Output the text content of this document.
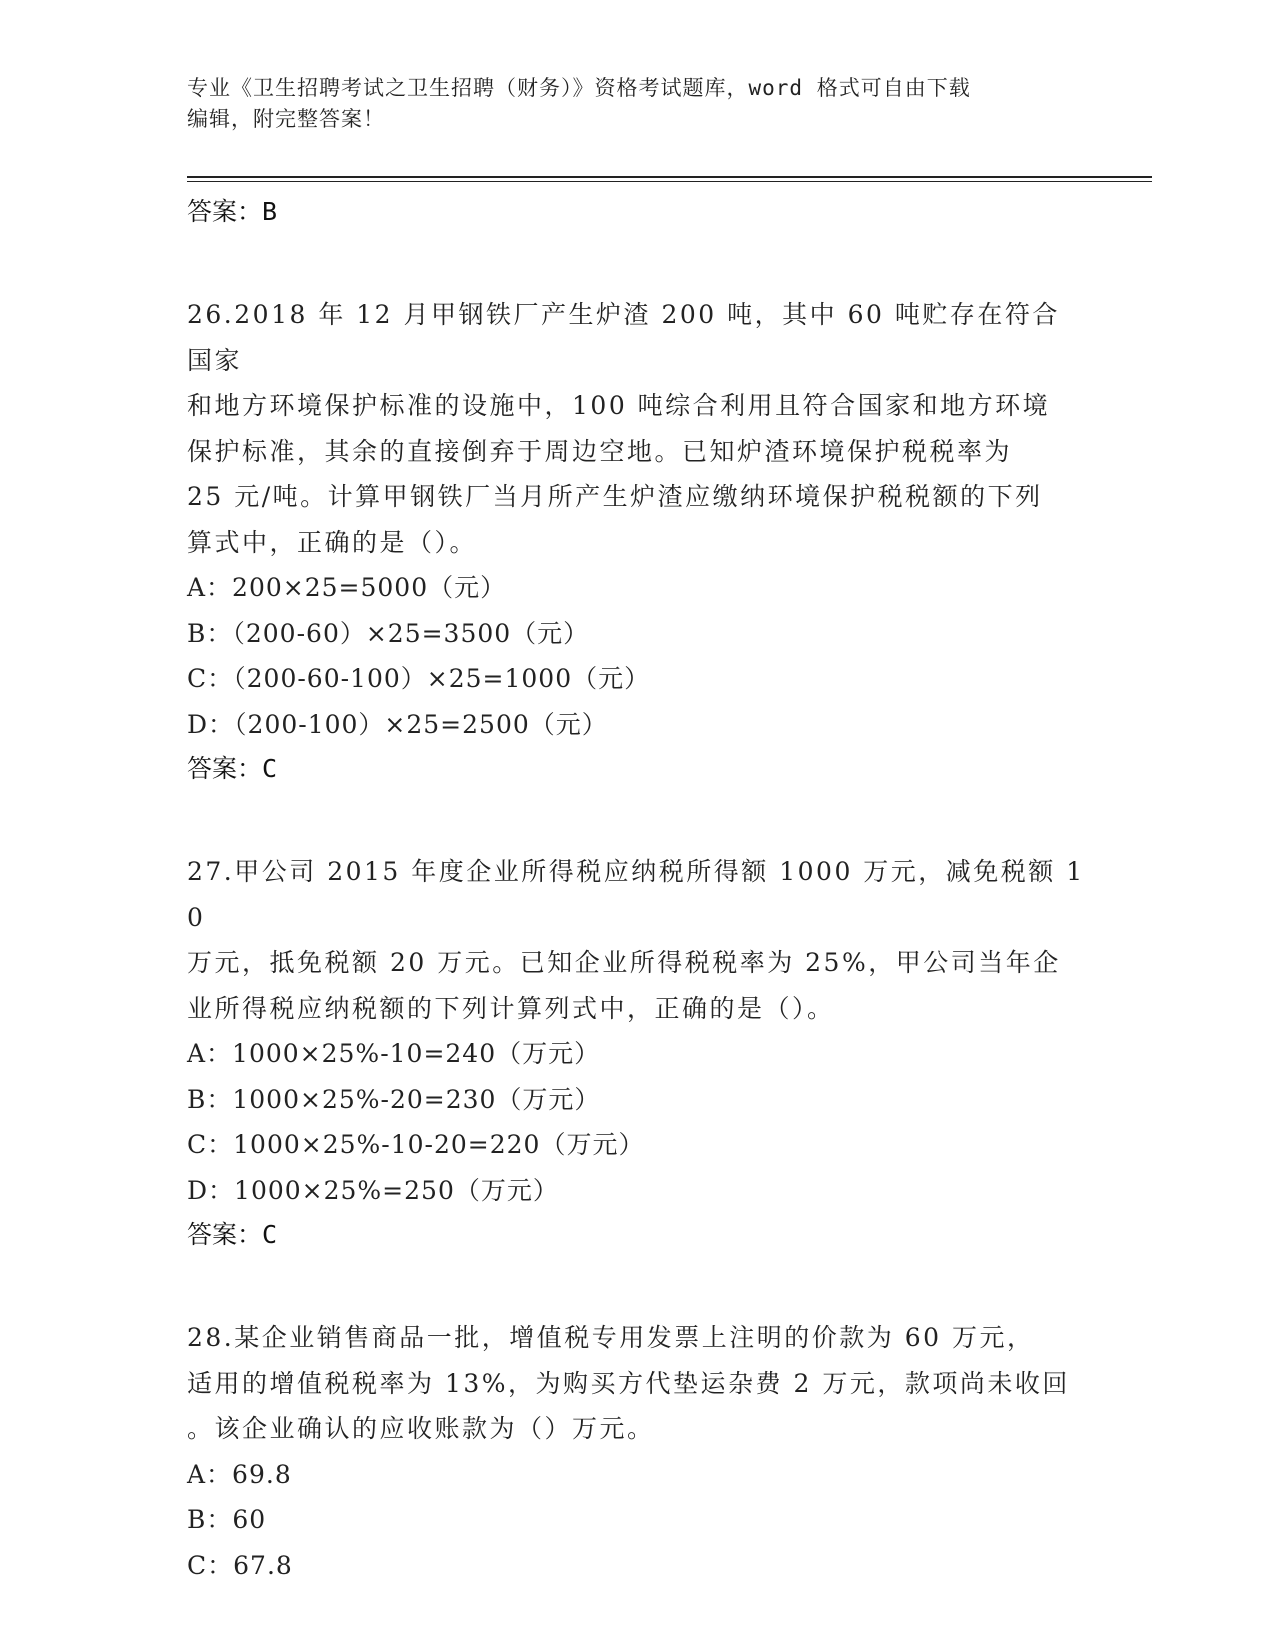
专业《卫生招聘考试之卫生招聘（财务）》资格考试题库，word 格式可自由下载
编辑，附完整答案！
答案：B
26.2018 年 12 月甲钢铁厂产生炉渣 200 吨，其中 60 吨贮存在符合国家
和地方环境保护标准的设施中，100 吨综合利用且符合国家和地方环境
保护标准，其余的直接倒弃于周边空地。已知炉渣环境保护税税率为
25 元/吨。计算甲钢铁厂当月所产生炉渣应缴纳环境保护税税额的下列
算式中，正确的是（）。
A：200×25=5000（元）
B：（200-60）×25=3500（元）
C：（200-60-100）×25=1000（元）
D：（200-100）×25=2500（元）
答案：C
27.甲公司 2015 年度企业所得税应纳税所得额 1000 万元，减免税额 10
万元，抵免税额 20 万元。已知企业所得税税率为 25%，甲公司当年企
业所得税应纳税额的下列计算列式中，正确的是（）。
A：1000×25%-10=240（万元）
B：1000×25%-20=230（万元）
C：1000×25%-10-20=220（万元）
D：1000×25%=250（万元）
答案：C
28.某企业销售商品一批，增值税专用发票上注明的价款为 60 万元，
适用的增值税税率为 13%，为购买方代垫运杂费 2 万元，款项尚未收回
。该企业确认的应收账款为（）万元。
A：69.8
B：60
C：67.8
